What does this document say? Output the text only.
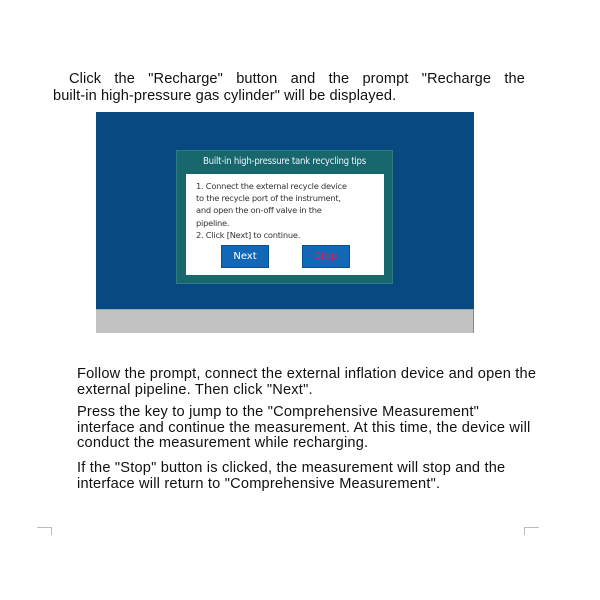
Click the "Recharge" button and the prompt "Recharge the
built-in high-pressure gas cylinder" will be displayed.
Built-in high-pressure tank recycling tips
1. Connect the external recycle device
to the recycle port of the instrument,
and open the on-off valve in the
pipeline.
2. Click [Next] to continue.
Next	Stop
Follow the prompt, connect the external inflation device and open the external pipeline. Then click "Next".
Press the key to jump to the "Comprehensive Measurement" interface and continue the measurement. At this time, the device will conduct the measurement while recharging.
If the "Stop" button is clicked, the measurement will stop and the interface will return to "Comprehensive Measurement".
